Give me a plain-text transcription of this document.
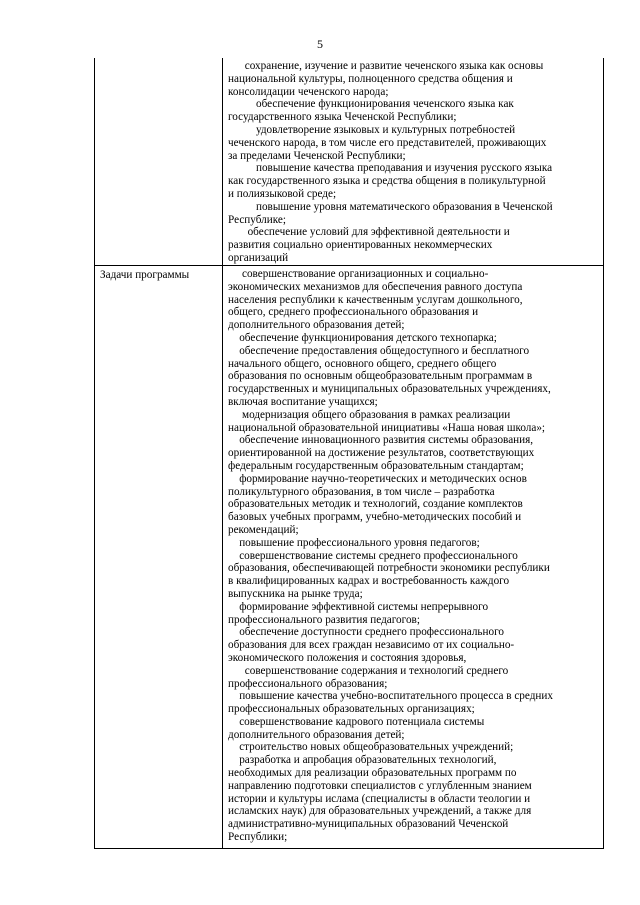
5
сохранение, изучение и развитие чеченского языка как основы
национальной культуры, полноценного средства общения и
консолидации чеченского народа;
обеспечение функционирования чеченского языка как
государственного языка Чеченской Республики;
удовлетворение языковых и культурных потребностей
чеченского народа, в том числе его представителей, проживающих
за пределами Чеченской Республики;
повышение качества преподавания и изучения русского языка
как государственного языка и средства общения в поликультурной
и полиязыковой среде;
повышение уровня математического образования в Чеченской
Республике;
обеспечение условий для эффективной деятельности и
развития социально ориентированных некоммерческих
организаций
Задачи программы	совершенствование организационных и социально-
экономических механизмов для обеспечения равного доступа
населения республики к качественным услугам дошкольного,
общего, среднего профессионального образования и
дополнительного образования детей;
обеспечение функционирования детского технопарка;
обеспечение предоставления общедоступного и бесплатного
начального общего, основного общего, среднего общего
образования по основным общеобразовательным программам в
государственных и муниципальных образовательных учреждениях,
включая воспитание учащихся;
модернизация общего образования в рамках реализации
национальной образовательной инициативы «Наша новая школа»;
обеспечение инновационного развития системы образования,
ориентированной на достижение результатов, соответствующих
федеральным государственным образовательным стандартам;
формирование научно-теоретических и методических основ
поликультурного образования, в том числе – разработка
образовательных методик и технологий, создание комплектов
базовых учебных программ, учебно-методических пособий и
рекомендаций;
повышение профессионального уровня педагогов;
совершенствование системы среднего профессионального
образования, обеспечивающей потребности экономики республики
в квалифицированных кадрах и востребованность каждого
выпускника на рынке труда;
формирование эффективной системы непрерывного
профессионального развития педагогов;
обеспечение доступности среднего профессионального
образования для всех граждан независимо от их социально-
экономического положения и состояния здоровья,
совершенствование содержания и технологий среднего
профессионального образования;
повышение качества учебно-воспитательного процесса в средних
профессиональных образовательных организациях;
совершенствование кадрового потенциала системы
дополнительного образования детей;
строительство новых общеобразовательных учреждений;
разработка и апробация образовательных технологий,
необходимых для реализации образовательных программ по
направлению подготовки специалистов с углубленным знанием
истории и культуры ислама (специалисты в области теологии и
исламских наук) для образовательных учреждений, а также для
административно-муниципальных образований Чеченской
Республики;
